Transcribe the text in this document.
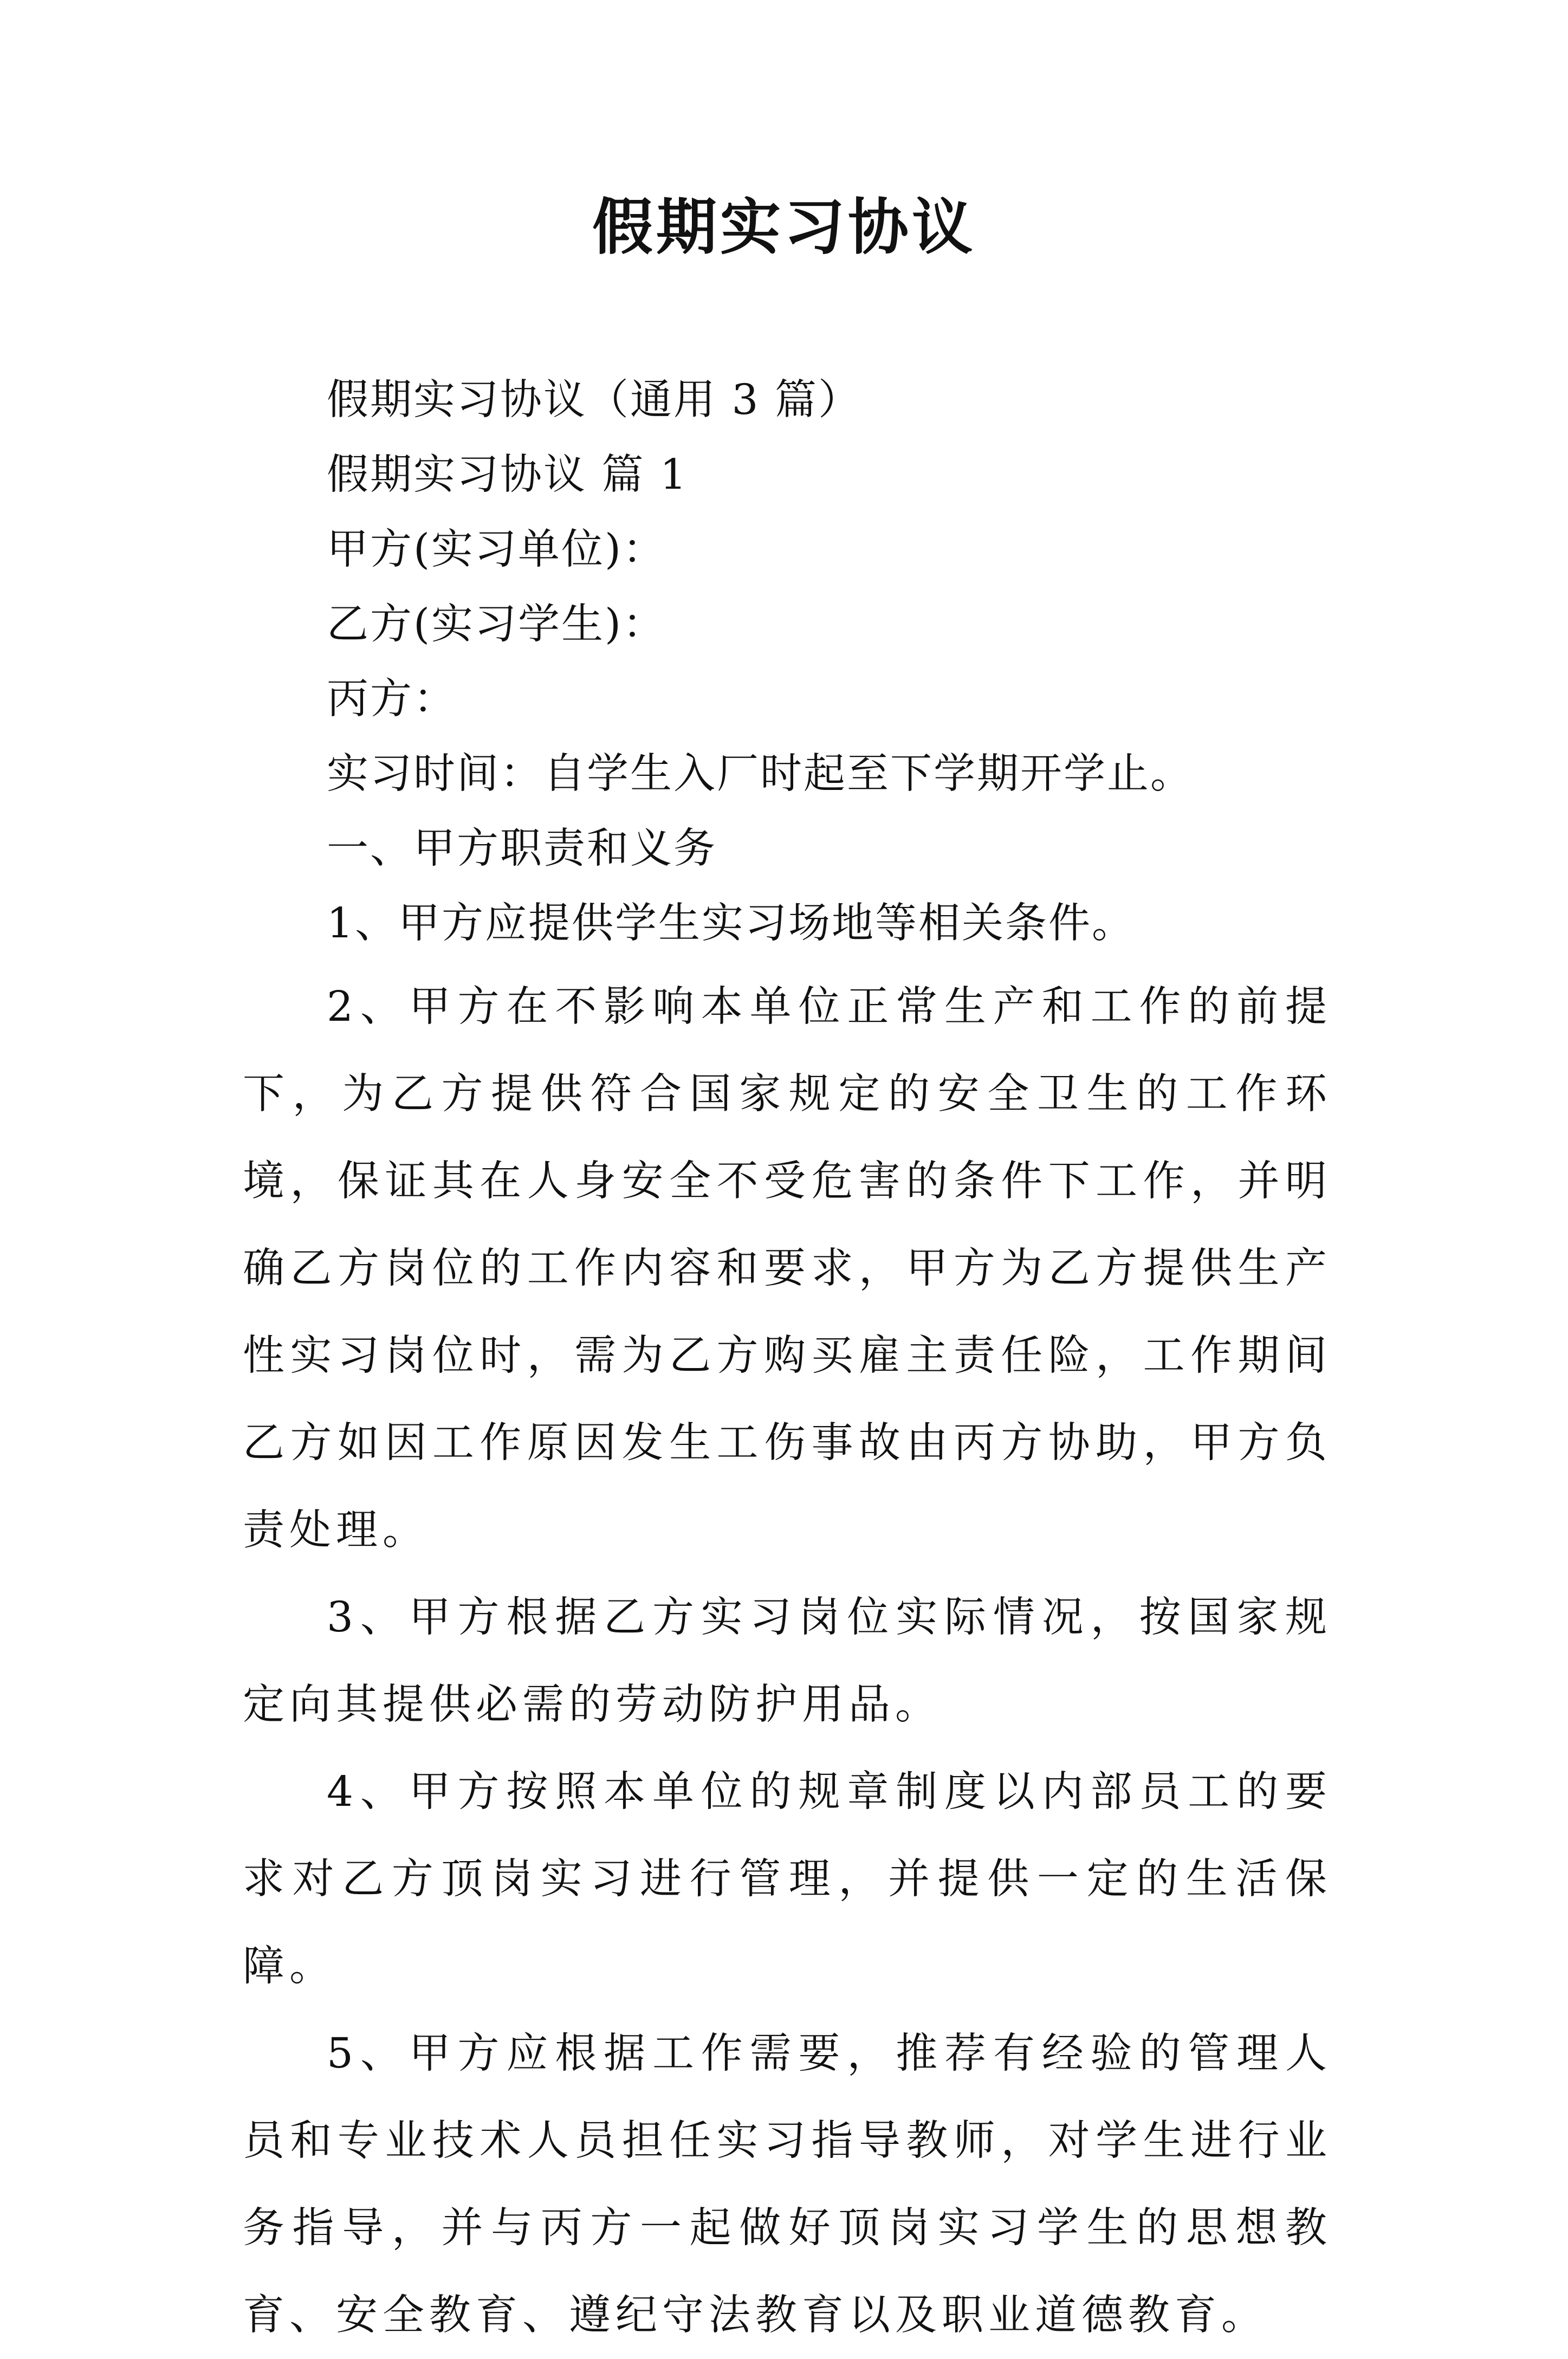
假期实习协议

假期实习协议（通用 3 篇）

假期实习协议 篇 1

甲方(实习单位)：

乙方(实习学生)：

丙方：

实习时间：自学生入厂时起至下学期开学止。

一、甲方职责和义务

1、甲方应提供学生实习场地等相关条件。

2、甲方在不影响本单位正常生产和工作的前提下，为乙方提供符合国家规定的安全卫生的工作环境，保证其在人身安全不受危害的条件下工作，并明确乙方岗位的工作内容和要求，甲方为乙方提供生产性实习岗位时，需为乙方购买雇主责任险，工作期间乙方如因工作原因发生工伤事故由丙方协助，甲方负责处理。

3、甲方根据乙方实习岗位实际情况，按国家规定向其提供必需的劳动防护用品。

4、甲方按照本单位的规章制度以内部员工的要求对乙方顶岗实习进行管理，并提供一定的生活保障。

5、甲方应根据工作需要，推荐有经验的管理人员和专业技术人员担任实习指导教师，对学生进行业务指导，并与丙方一起做好顶岗实习学生的思想教育、安全教育、遵纪守法教育以及职业道德教育。
